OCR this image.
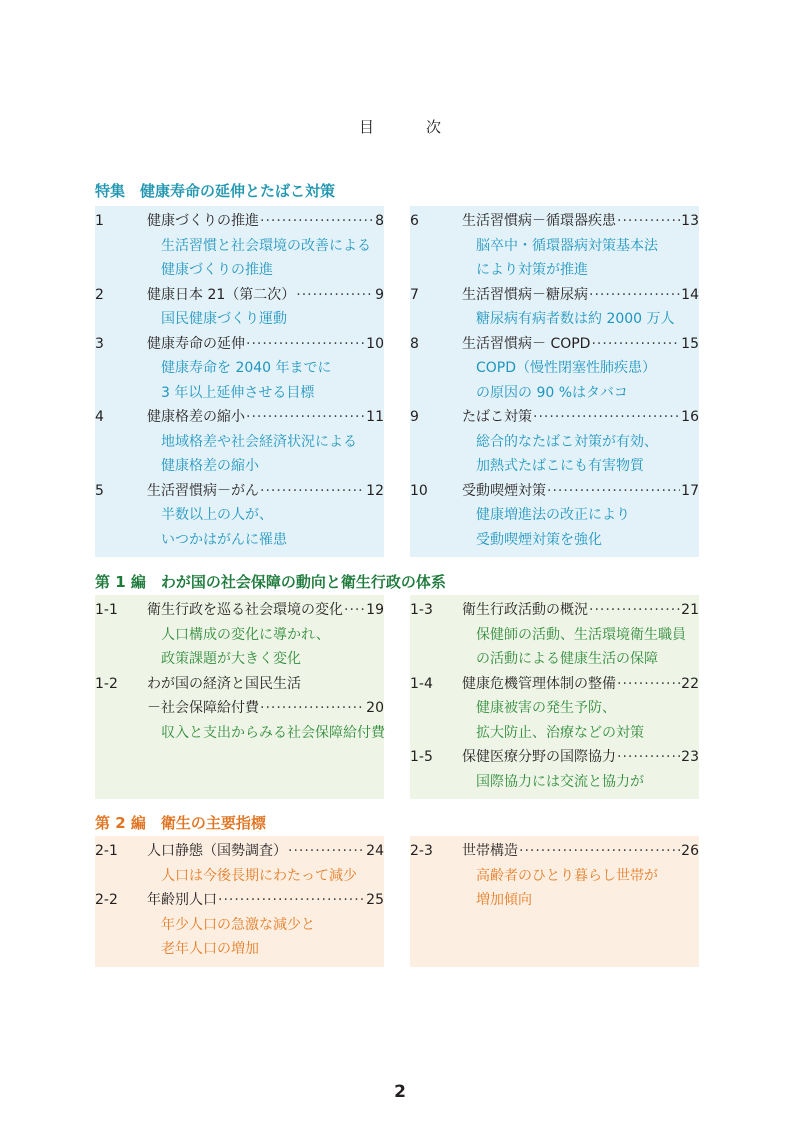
目	次
特集　健康寿命の延伸とたばこ対策
1	健康づくりの推進 ·····	8
生活習慣と社会環境の改善による
健康づくりの推進
2	健康日本 21（第二次） ·····	9
国民健康づくり運動
3	健康寿命の延伸 ·····	10
健康寿命を 2040 年までに
3 年以上延伸させる目標
4	健康格差の縮小 ·····	11
地域格差や社会経済状況による
健康格差の縮小
5	生活習慣病－がん ·····	12
半数以上の人が、
いつかはがんに罹患
6	生活習慣病－循環器疾患 ·····	13
脳卒中・循環器病対策基本法
により対策が推進
7	生活習慣病－糖尿病 ·····	14
糖尿病有病者数は約 2000 万人
8	生活習慣病－ COPD ·····	15
COPD（慢性閉塞性肺疾患）
の原因の 90 %はタバコ
9	たばこ対策 ·····	16
総合的なたばこ対策が有効、
加熱式たばこにも有害物質
10	受動喫煙対策 ·····	17
健康増進法の改正により
受動喫煙対策を強化
第 1 編　わが国の社会保障の動向と衛生行政の体系
1-1	衛生行政を巡る社会環境の変化 ····· 19
人口構成の変化に導かれ、
政策課題が大きく変化
1-2	わが国の経済と国民生活
－社会保障給付費 ·····	20
収入と支出からみる社会保障給付費
1-3	衛生行政活動の概況 ·····	21
保健師の活動、生活環境衛生職員
の活動による健康生活の保障
1-4	健康危機管理体制の整備 ·····	22
健康被害の発生予防、
拡大防止、治療などの対策
1-5	保健医療分野の国際協力 ·····	23
国際協力には交流と協力が
第 2 編　衛生の主要指標
2-1	人口静態（国勢調査） ·····	24
人口は今後長期にわたって減少
2-2	年齢別人口 ·····	25
年少人口の急激な減少と
老年人口の増加
2-3	世帯構造 ·····	26
高齢者のひとり暮らし世帯が
増加傾向
2
